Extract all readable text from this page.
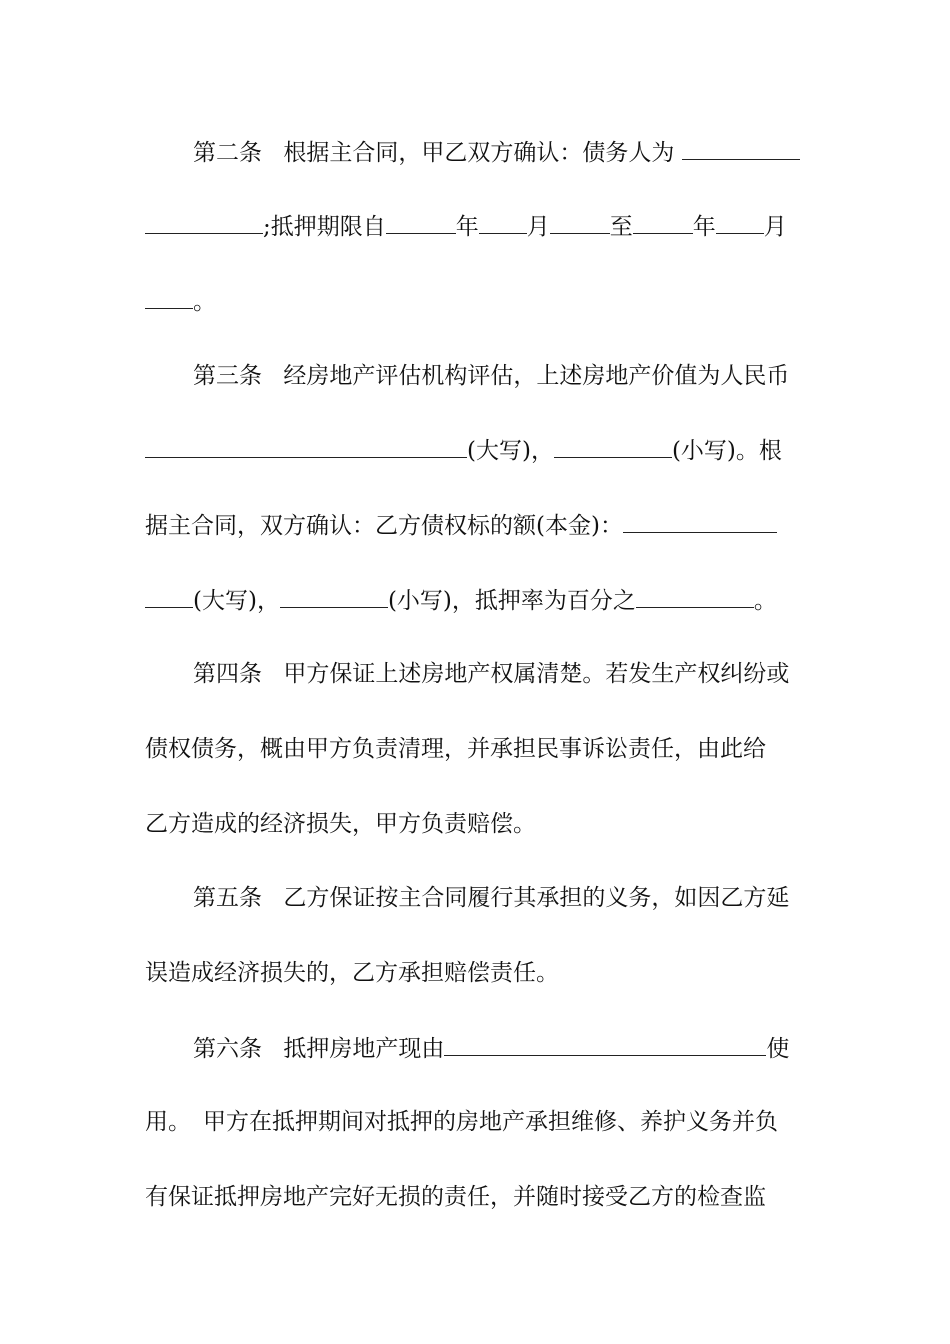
第二条 根据主合同，甲乙双方确认：债务人为
;抵押期限自	年 月	至	年 月
。
第三条 经房地产评估机构评估，上述房地产价值为人民币
(大写)，	(小写)。根
据主合同，双方确认：乙方债权标的额(本金)：
(大写)，	(小写)，抵押率为百分之	。
第四条 甲方保证上述房地产权属清楚。若发生产权纠纷或
债权债务，概由甲方负责清理，并承担民事诉讼责任，由此给
乙方造成的经济损失，甲方负责赔偿。
第五条 乙方保证按主合同履行其承担的义务，如因乙方延
误造成经济损失的，乙方承担赔偿责任。
第六条 抵押房地产现由	使
用。 甲方在抵押期间对抵押的房地产承担维修、养护义务并负
有保证抵押房地产完好无损的责任，并随时接受乙方的检查监
